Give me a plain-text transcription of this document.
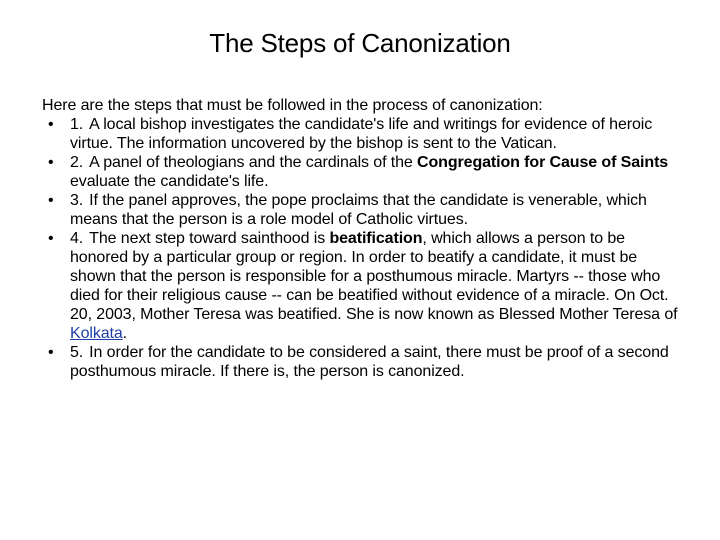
The Steps of Canonization

Here are the steps that must be followed in the process of canonization:

• 1. A local bishop investigates the candidate's life and writings for evidence of heroic virtue. The information uncovered by the bishop is sent to the Vatican.
• 2. A panel of theologians and the cardinals of the Congregation for Cause of Saints evaluate the candidate's life.
• 3. If the panel approves, the pope proclaims that the candidate is venerable, which means that the person is a role model of Catholic virtues.
• 4. The next step toward sainthood is beatification, which allows a person to be honored by a particular group or region. In order to beatify a candidate, it must be shown that the person is responsible for a posthumous miracle. Martyrs -- those who died for their religious cause -- can be beatified without evidence of a miracle. On Oct. 20, 2003, Mother Teresa was beatified. She is now known as Blessed Mother Teresa of Kolkata.
• 5. In order for the candidate to be considered a saint, there must be proof of a second posthumous miracle. If there is, the person is canonized.
